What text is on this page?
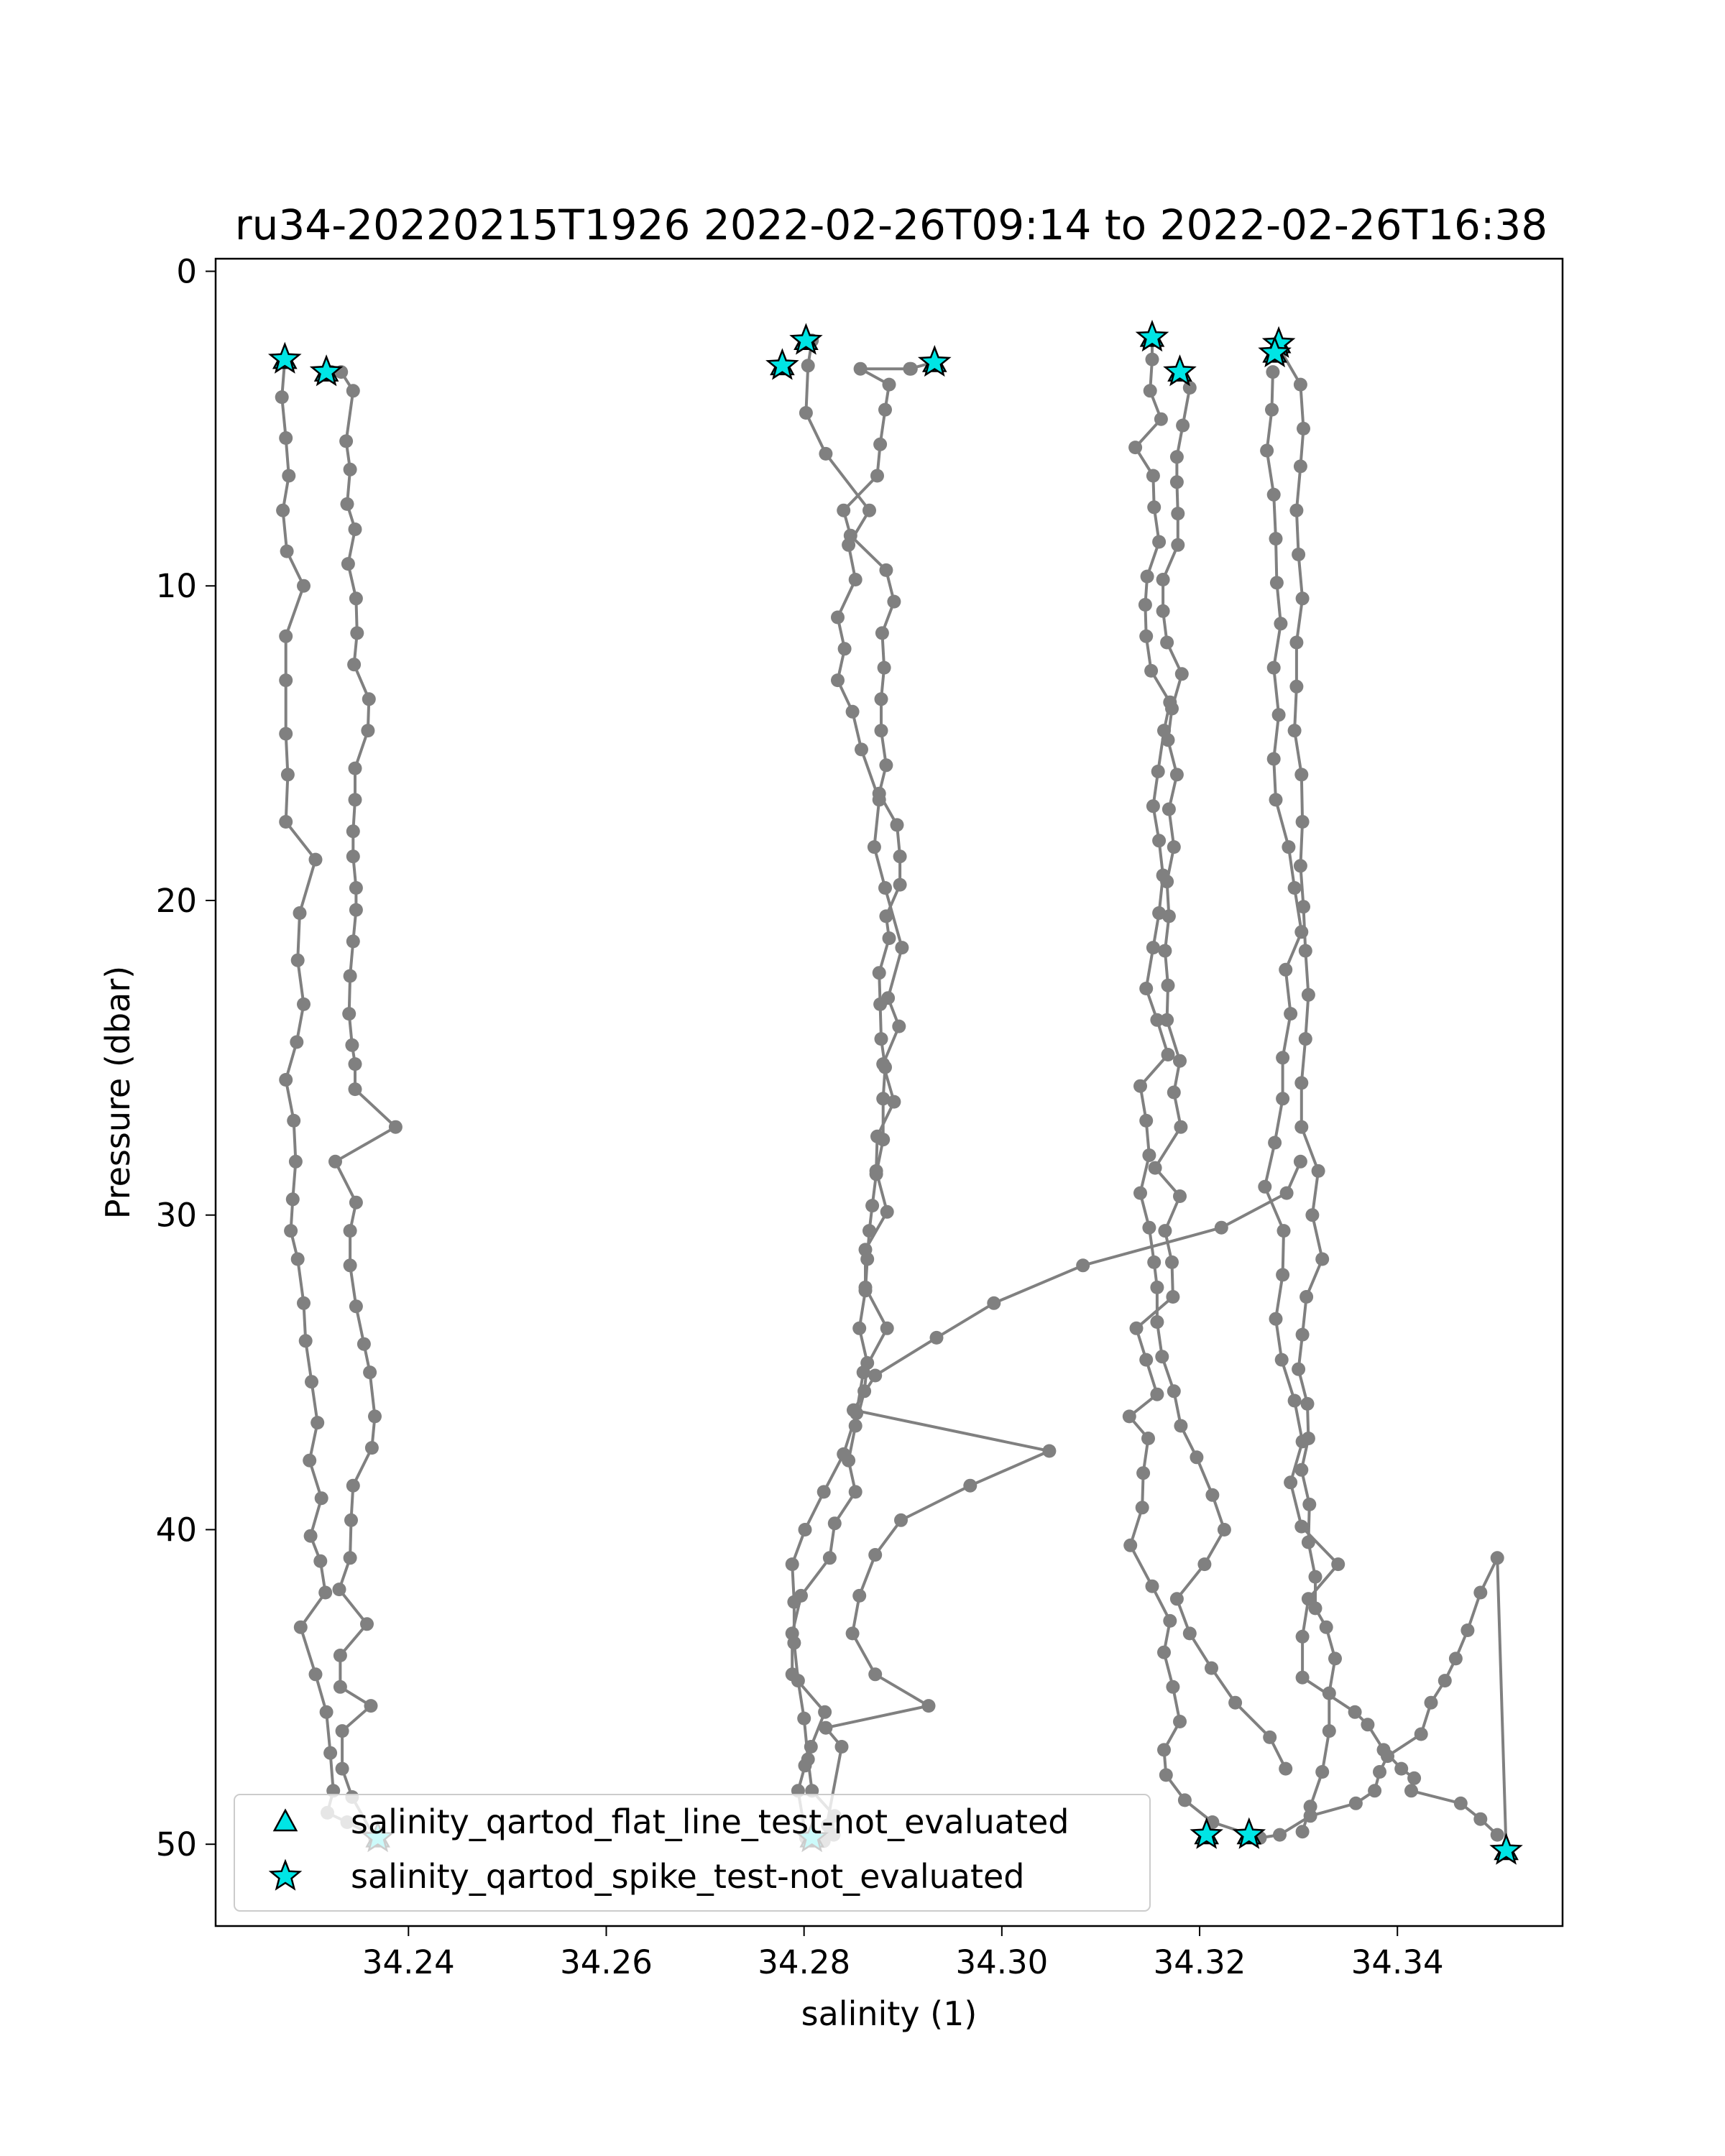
ru34-20220215T1926 2022-02-26T09:14 to 2022-02-26T16:38
34.24	34.26	34.28	34.30	34.32	34.34
0
10
20
30
40
50
salinity (1)
Pressure (dbar)
salinity_qartod_flat_line_test-not_evaluated
salinity_qartod_spike_test-not_evaluated
